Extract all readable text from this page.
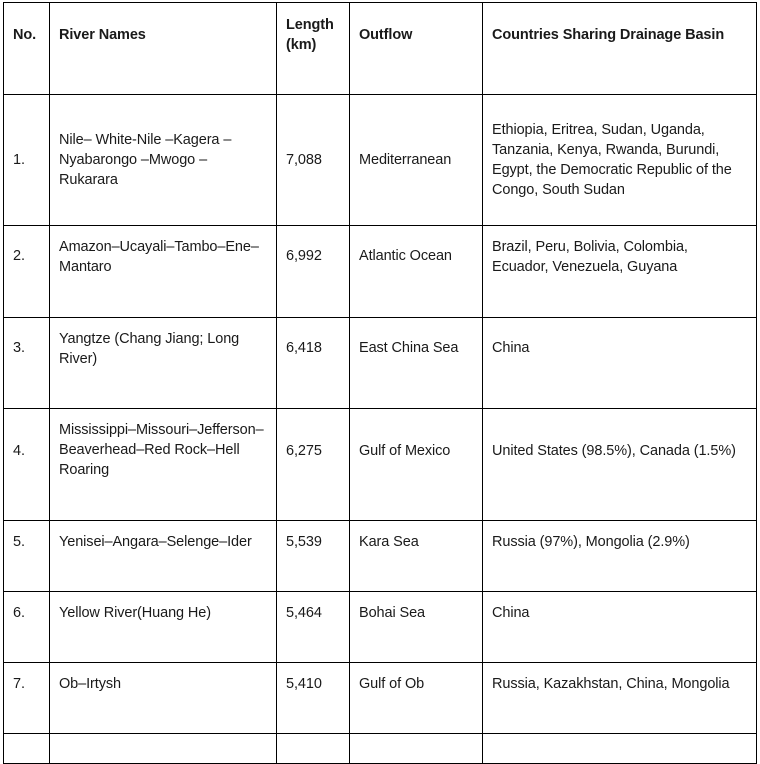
No.	River Names	Length (km)	Outflow	Countries Sharing Drainage Basin
1.	Nile– White-Nile –Kagera – Nyabarongo –Mwogo – Rukarara	7,088	Mediterranean	Ethiopia, Eritrea, Sudan, Uganda, Tanzania, Kenya, Rwanda, Burundi, Egypt, the Democratic Republic of the Congo, South Sudan
2.	Amazon–Ucayali–Tambo–Ene–Mantaro	6,992	Atlantic Ocean	Brazil, Peru, Bolivia, Colombia, Ecuador, Venezuela, Guyana
3.	Yangtze (Chang Jiang; Long River)	6,418	East China Sea	China
4.	Mississippi–Missouri–Jefferson–Beaverhead–Red Rock–Hell Roaring	6,275	Gulf of Mexico	United States (98.5%), Canada (1.5%)
5.	Yenisei–Angara–Selenge–Ider	5,539	Kara Sea	Russia (97%), Mongolia (2.9%)
6.	Yellow River(Huang He)	5,464	Bohai Sea	China
7.	Ob–Irtysh	5,410	Gulf of Ob	Russia, Kazakhstan, China, Mongolia
